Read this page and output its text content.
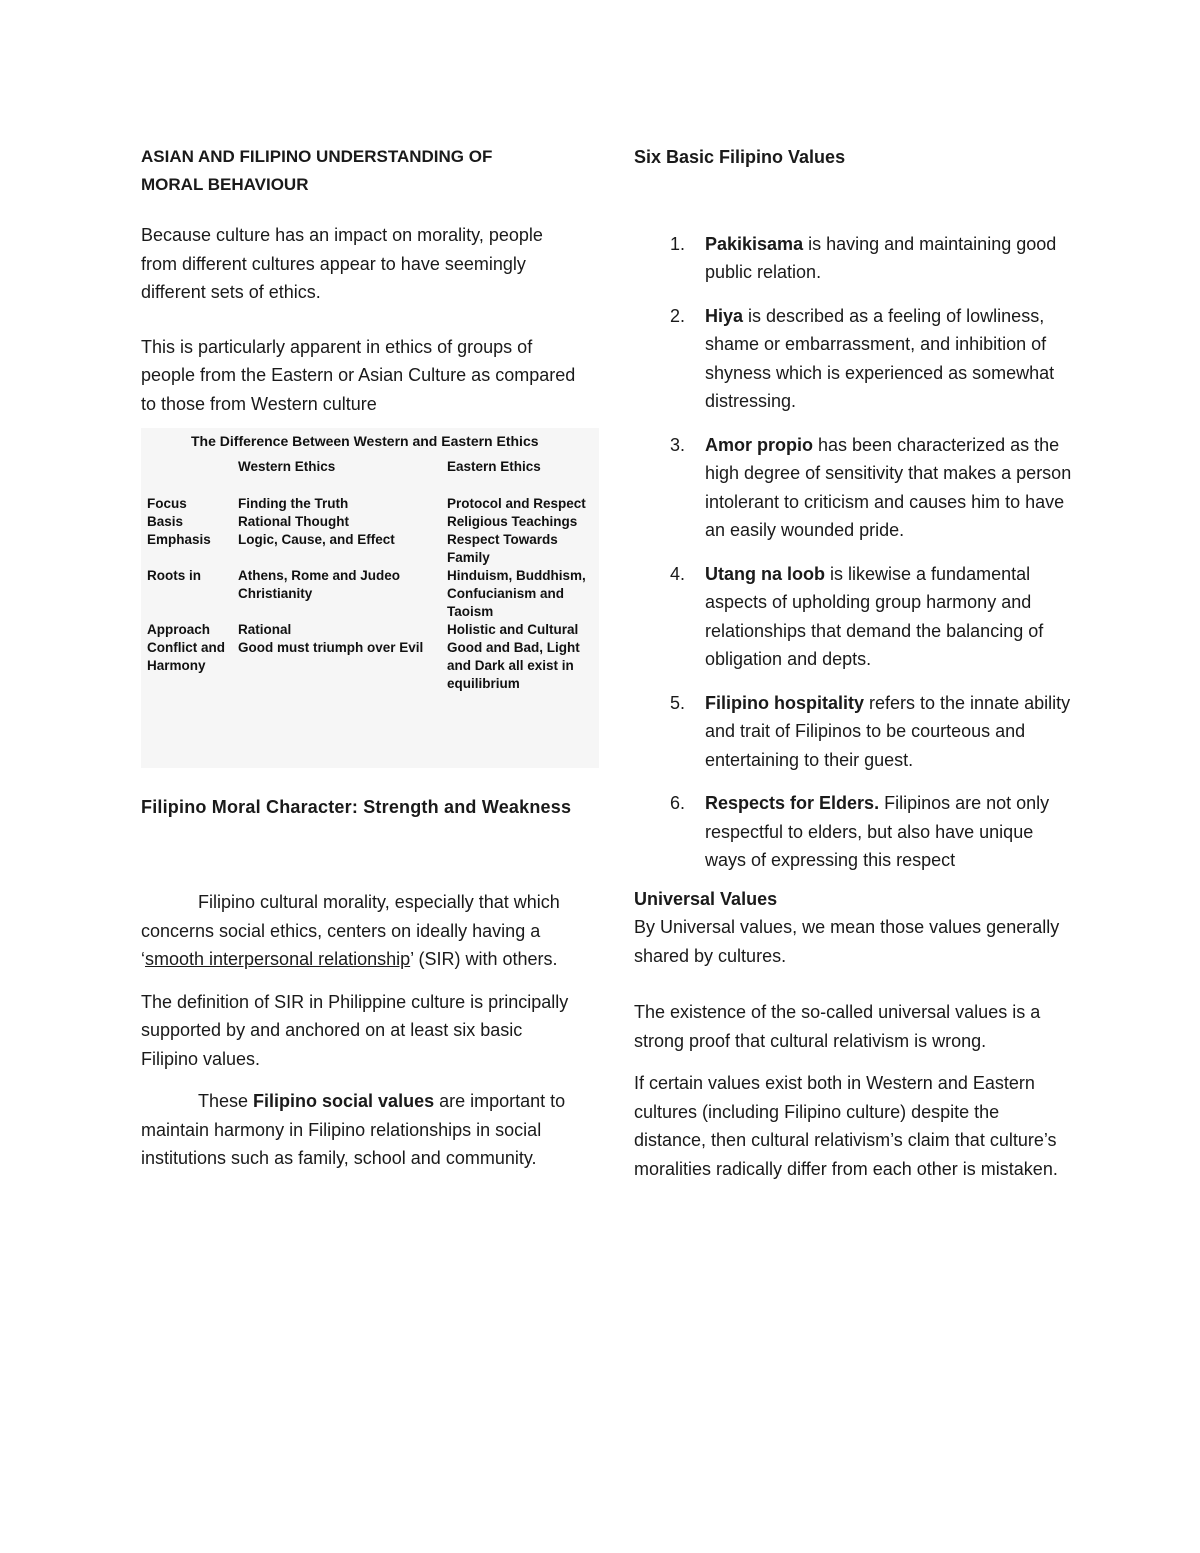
ASIAN AND FILIPINO UNDERSTANDING OF
MORAL BEHAVIOUR

Because culture has an impact on morality, people from different cultures appear to have seemingly different sets of ethics.

This is particularly apparent in ethics of groups of people from the Eastern or Asian Culture as compared to those from Western culture

The Difference Between Western and Eastern Ethics
	Western Ethics	Eastern Ethics
Focus	Finding the Truth	Protocol and Respect
Basis	Rational Thought	Religious Teachings
Emphasis	Logic, Cause, and Effect	Respect Towards Family
Roots in	Athens, Rome and Judeo Christianity	Hinduism, Buddhism, Confucianism and Taoism
Approach	Rational	Holistic and Cultural
Conflict and Harmony	Good must triumph over Evil	Good and Bad, Light and Dark all exist in equilibrium

Filipino Moral Character: Strength and Weakness

Filipino cultural morality, especially that which concerns social ethics, centers on ideally having a ‘smooth interpersonal relationship’ (SIR) with others.

The definition of SIR in Philippine culture is principally supported by and anchored on at least six basic Filipino values.

These Filipino social values are important to maintain harmony in Filipino relationships in social institutions such as family, school and community.

Six Basic Filipino Values

1. Pakikisama is having and maintaining good public relation.
2. Hiya is described as a feeling of lowliness, shame or embarrassment, and inhibition of shyness which is experienced as somewhat distressing.
3. Amor propio has been characterized as the high degree of sensitivity that makes a person intolerant to criticism and causes him to have an easily wounded pride.
4. Utang na loob is likewise a fundamental aspects of upholding group harmony and relationships that demand the balancing of obligation and depts.
5. Filipino hospitality refers to the innate ability and trait of Filipinos to be courteous and entertaining to their guest.
6. Respects for Elders. Filipinos are not only respectful to elders, but also have unique ways of expressing this respect

Universal Values

By Universal values, we mean those values generally shared by cultures.

The existence of the so-called universal values is a strong proof that cultural relativism is wrong.

If certain values exist both in Western and Eastern cultures (including Filipino culture) despite the distance, then cultural relativism’s claim that culture’s moralities radically differ from each other is mistaken.
